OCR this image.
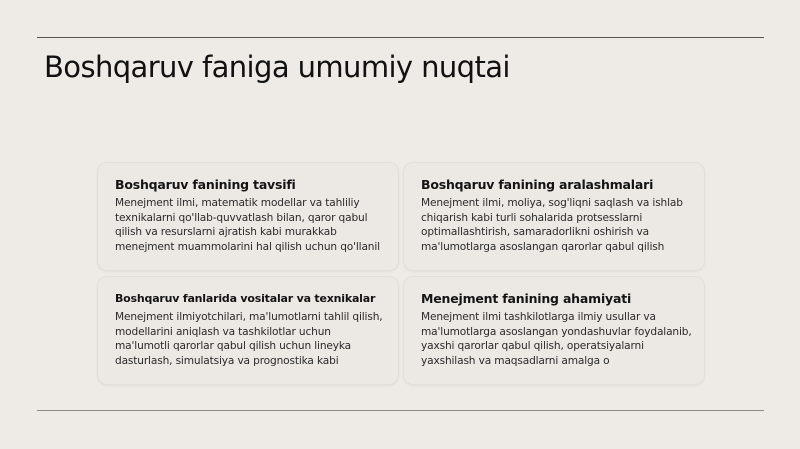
Boshqaruv faniga umumiy nuqtai

Boshqaruv fanining tavsifi

Menejment ilmi, matematik modellar va tahliliy texnikalarni qo'llab-quvvatlash bilan, qaror qabul qilish va resurslarni ajratish kabi murakkab menejment muammolarini hal qilish uchun qo'llanil

Boshqaruv fanining aralashmalari

Menejment ilmi, moliya, sog'liqni saqlash va ishlab chiqarish kabi turli sohalarida protsesslarni optimallashtirish, samaradorlikni oshirish va ma'lumotlarga asoslangan qarorlar qabul qilish

Boshqaruv fanlarida vositalar va texnikalar

Menejment ilmiyotchilari, ma'lumotlarni tahlil qilish, modellarini aniqlash va tashkilotlar uchun ma'lumotli qarorlar qabul qilish uchun lineyka dasturlash, simulatsiya va prognostika kabi

Menejment fanining ahamiyati

Menejment ilmi tashkilotlarga ilmiy usullar va ma'lumotlarga asoslangan yondashuvlar foydalanib, yaxshi qarorlar qabul qilish, operatsiyalarni yaxshilash va maqsadlarni amalga o
